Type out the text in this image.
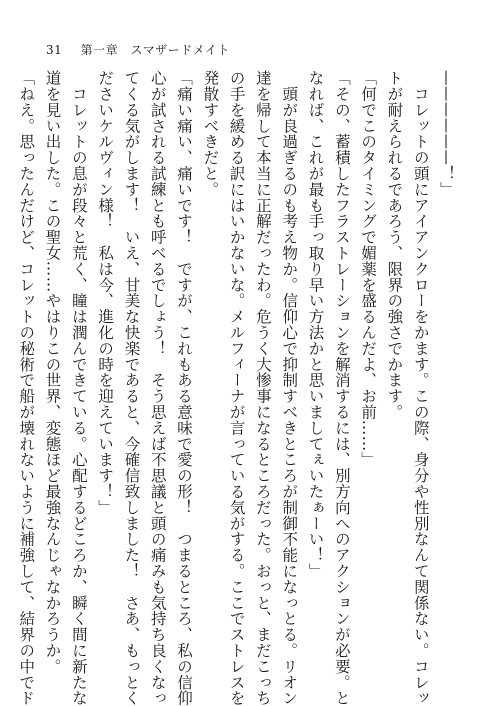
31 第一章 スマザードメイト

——————！」

　コレットの頭にアイアンクローをかます。この際、身分や性別なんて関係ない。コレッ

トが耐えられるであろう、限界の強さでかます。

「何でこのタイミングで媚薬を盛るんだよ、お前……」

「その、蓄積したフラストレーションを解消するには、別方向へのアクションが必要。と

なれば、これが最も手っ取り早い方法かと思いましてぇいたぁーい！」

　頭が良過ぎるのも考え物か。信仰心で抑制すべきところが制御不能になっとる。リオン

達を帰して本当に正解だったわ。危うく大惨事になるところだった。おっと、まだこっち

の手を緩める訳にはいかないな。メルフィーナが言っている気がする。ここでストレスを

発散すべきだと。

「痛い痛い、痛いです！　ですが、これもある意味で愛の形！　つまるところ、私の信仰

心が試される試練とも呼べるでしょう！　そう思えば不思議と頭の痛みも気持ち良くなっ

てくる気がします！　いえ、甘美な快楽であると、今確信致しました！　さあ、もっとく

ださいケルヴィン様！　私は今、進化の時を迎えています！」

　コレットの息が段々と荒く、瞳は潤んできている。心配するどころか、瞬く間に新たな

道を見い出した。この聖女……やはりこの世界、変態ほど最強なんじゃなかろうか。

「ねえ。思ったんだけど、コレットの秘術で船が壊れないように補強して、結界の中でド
